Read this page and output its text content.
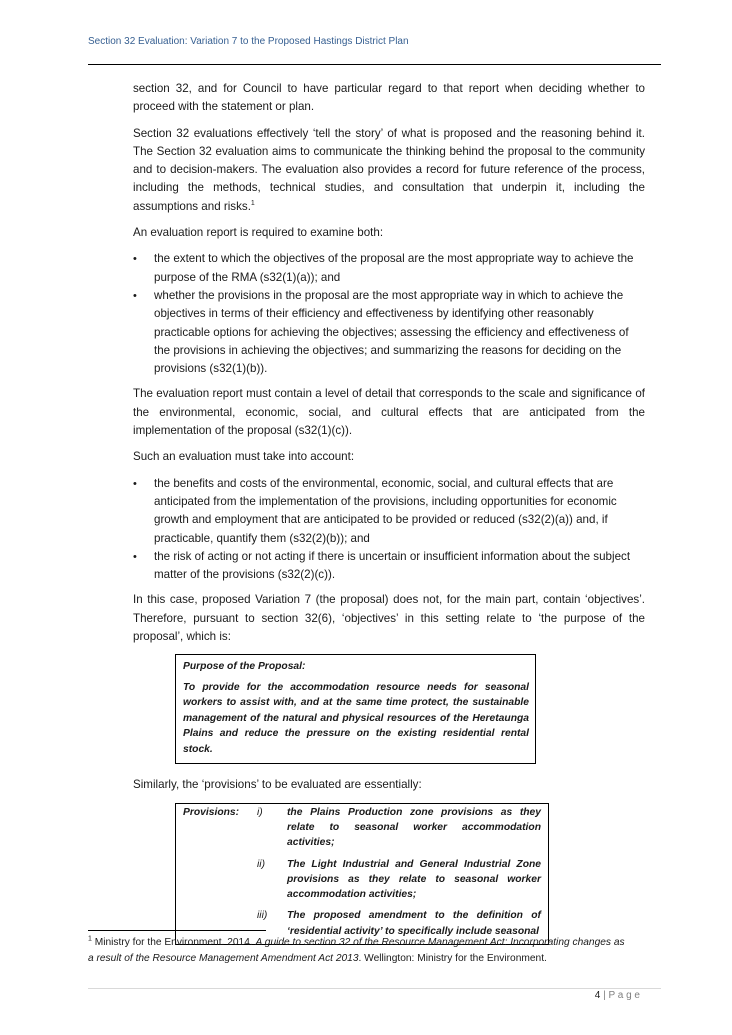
Section 32 Evaluation: Variation 7 to the Proposed Hastings District Plan

section 32, and for Council to have particular regard to that report when deciding whether to proceed with the statement or plan.

Section 32 evaluations effectively ‘tell the story’ of what is proposed and the reasoning behind it. The Section 32 evaluation aims to communicate the thinking behind the proposal to the community and to decision-makers. The evaluation also provides a record for future reference of the process, including the methods, technical studies, and consultation that underpin it, including the assumptions and risks.$^1$

An evaluation report is required to examine both:

•	the extent to which the objectives of the proposal are the most appropriate way to achieve the purpose of the RMA (s32(1)(a)); and
•	whether the provisions in the proposal are the most appropriate way in which to achieve the objectives in terms of their efficiency and effectiveness by identifying other reasonably practicable options for achieving the objectives; assessing the efficiency and effectiveness of the provisions in achieving the objectives; and summarizing the reasons for deciding on the provisions (s32(1)(b)).

The evaluation report must contain a level of detail that corresponds to the scale and significance of the environmental, economic, social, and cultural effects that are anticipated from the implementation of the proposal (s32(1)(c)).

Such an evaluation must take into account:

•	the benefits and costs of the environmental, economic, social, and cultural effects that are anticipated from the implementation of the provisions, including opportunities for economic growth and employment that are anticipated to be provided or reduced (s32(2)(a)) and, if practicable, quantify them (s32(2)(b)); and
•	the risk of acting or not acting if there is uncertain or insufficient information about the subject matter of the provisions (s32(2)(c)).

In this case, proposed Variation 7 (the proposal) does not, for the main part, contain ‘objectives’. Therefore, pursuant to section 32(6), ‘objectives’ in this setting relate to ‘the purpose of the proposal’, which is:

Purpose of the Proposal:

To provide for the accommodation resource needs for seasonal workers to assist with, and at the same time protect, the sustainable management of the natural and physical resources of the Heretaunga Plains and reduce the pressure on the existing residential rental stock.

Similarly, the ‘provisions’ to be evaluated are essentially:

Provisions:	i)	the Plains Production zone provisions as they relate to seasonal worker accommodation activities;
	ii)	The Light Industrial and General Industrial Zone provisions as they relate to seasonal worker accommodation activities;
	iii)	The proposed amendment to the definition of ‘residential activity’ to specifically include seasonal
$^1$ Ministry for the Environment. 2014. A guide to section 32 of the Resource Management Act: Incorporating changes as a result of the Resource Management Amendment Act 2013. Wellington: Ministry for the Environment.
4 | P a g e
